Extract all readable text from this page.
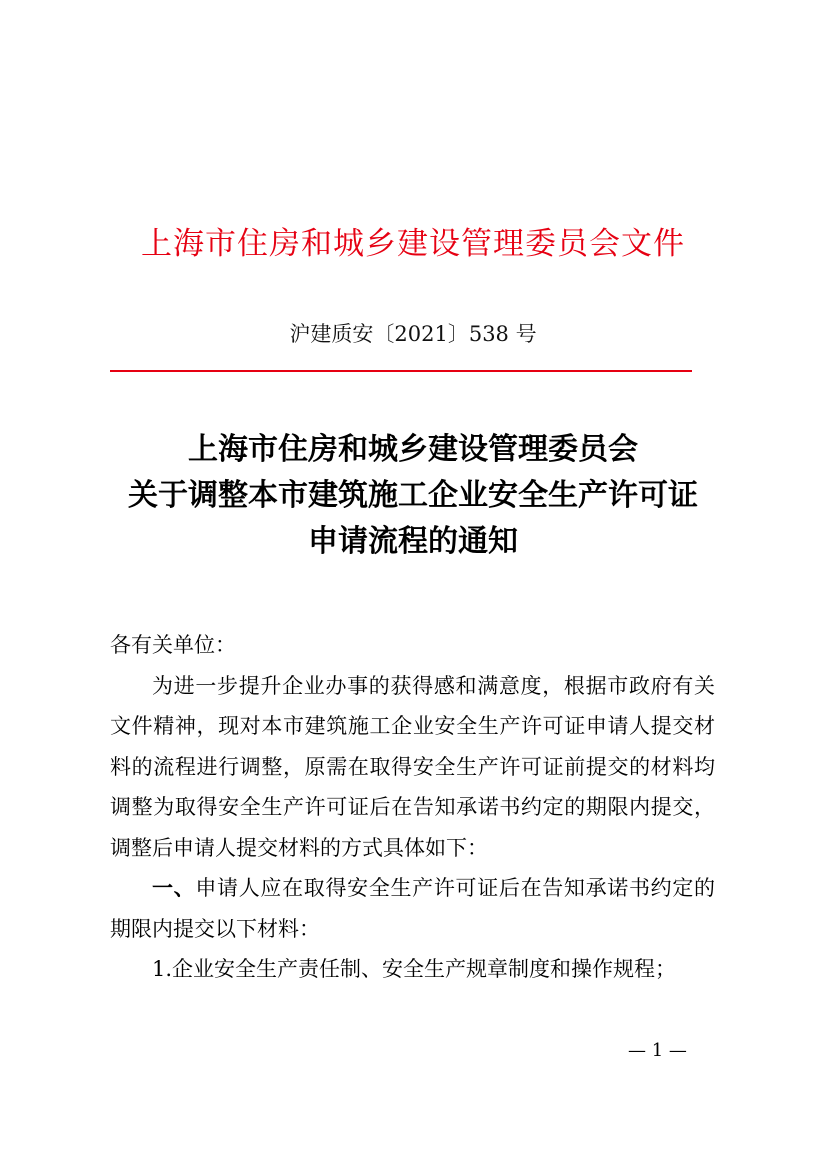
上海市住房和城乡建设管理委员会文件
沪建质安〔2021〕538 号
上海市住房和城乡建设管理委员会
关于调整本市建筑施工企业安全生产许可证
申请流程的通知

各有关单位：

为进一步提升企业办事的获得感和满意度，根据市政府有关文件精神，现对本市建筑施工企业安全生产许可证申请人提交材料的流程进行调整，原需在取得安全生产许可证前提交的材料均调整为取得安全生产许可证后在告知承诺书约定的期限内提交，调整后申请人提交材料的方式具体如下：

一、申请人应在取得安全生产许可证后在告知承诺书约定的期限内提交以下材料：

1.企业安全生产责任制、安全生产规章制度和操作规程；

— 1 —
